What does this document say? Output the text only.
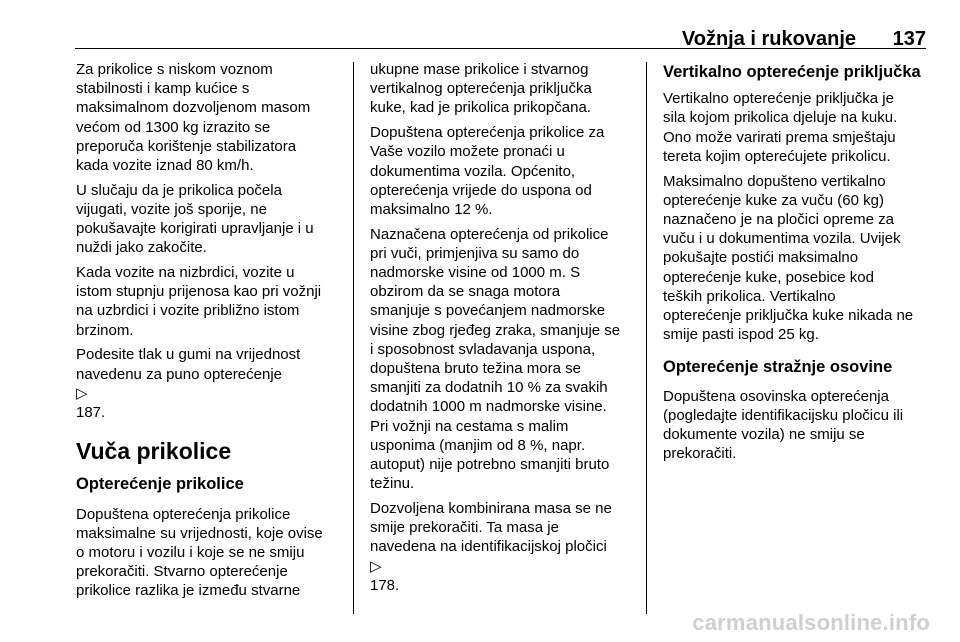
Vožnja i rukovanje	137

Za prikolice s niskom voznom
stabilnosti i kamp kućice s
maksimalnom dozvoljenom masom
većom od 1300 kg izrazito se
preporuča korištenje stabilizatora
kada vozite iznad 80 km/h.

U slučaju da je prikolica počela
vijugati, vozite još sporije, ne
pokušavajte korigirati upravljanje i u
nuždi jako zakočite.

Kada vozite na nizbrdici, vozite u
istom stupnju prijenosa kao pri vožnji
na uzbrdici i vozite približno istom
brzinom.

Podesite tlak u gumi na vrijednost
navedenu za puno opterećenje
▷
187.

Vuča prikolice
Opterećenje prikolice

Dopuštena opterećenja prikolice
maksimalne su vrijednosti, koje ovise
o motoru i vozilu i koje se ne smiju
prekoračiti. Stvarno opterećenje
prikolice razlika je između stvarne

ukupne mase prikolice i stvarnog
vertikalnog opterećenja priključka
kuke, kad je prikolica prikopčana.

Dopuštena opterećenja prikolice za
Vaše vozilo možete pronaći u
dokumentima vozila. Općenito,
opterećenja vrijede do uspona od
maksimalno 12 %.

Naznačena opterećenja od prikolice
pri vuči, primjenjiva su samo do
nadmorske visine od 1000 m. S
obzirom da se snaga motora
smanjuje s povećanjem nadmorske
visine zbog rjeđeg zraka, smanjuje se
i sposobnost svladavanja uspona,
dopuštena bruto težina mora se
smanjiti za dodatnih 10 % za svakih
dodatnih 1000 m nadmorske visine.
Pri vožnji na cestama s malim
usponima (manjim od 8 %, napr.
autoput) nije potrebno smanjiti bruto
težinu.

Dozvoljena kombinirana masa se ne
smije prekoračiti. Ta masa je
navedena na identifikacijskoj pločici
▷
178.

Vertikalno opterećenje priključka

Vertikalno opterećenje priključka je
sila kojom prikolica djeluje na kuku.
Ono može varirati prema smještaju
tereta kojim opterećujete prikolicu.

Maksimalno dopušteno vertikalno
opterećenje kuke za vuču (60 kg)
naznačeno je na pločici opreme za
vuču i u dokumentima vozila. Uvijek
pokušajte postići maksimalno
opterećenje kuke, posebice kod
teških prikolica. Vertikalno
opterećenje priključka kuke nikada ne
smije pasti ispod 25 kg.

Opterećenje stražnje osovine

Dopuštena osovinska opterećenja
(pogledajte identifikacijsku pločicu ili
dokumente vozila) ne smiju se
prekoračiti.

carmanualsonline.info
